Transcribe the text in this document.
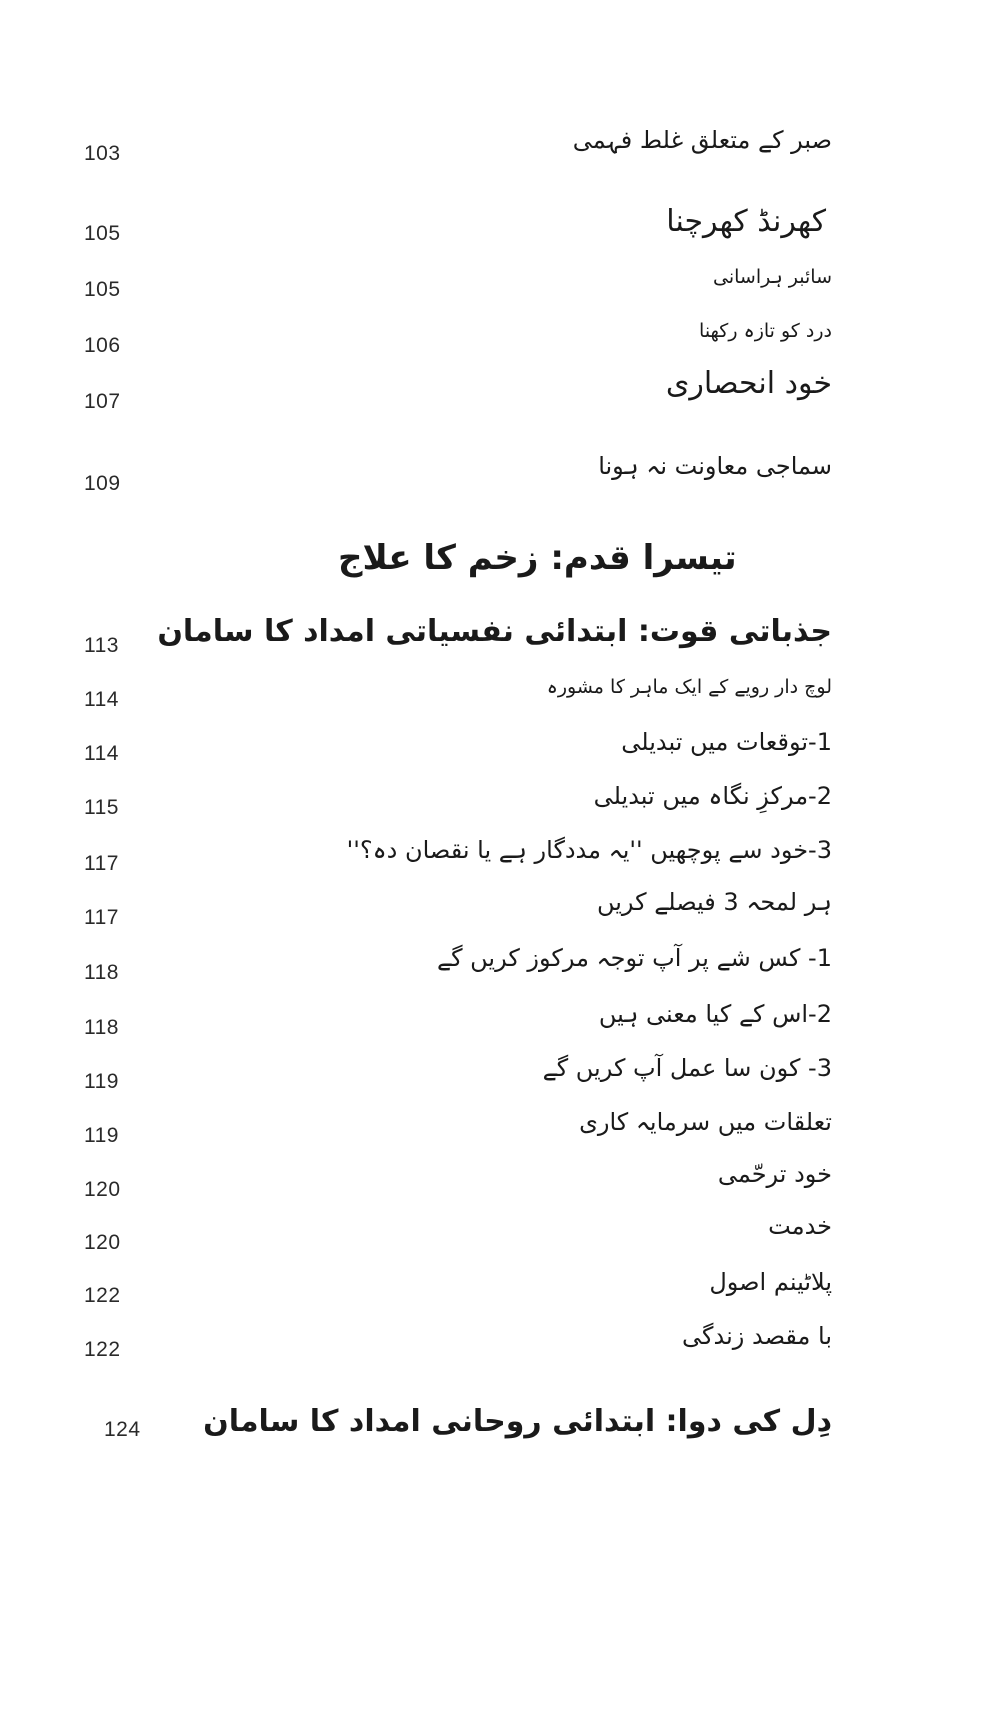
صبر کے متعلق غلط فہمی
103
کھرنڈ کھرچنا
105
سائبر ہراسانی
105
درد کو تازہ رکھنا
106
خود انحصاری
107
سماجی معاونت نہ ہونا
109
تیسرا قدم: زخم کا علاج
جذباتی قوت: ابتدائی نفسیاتی امداد کا سامان
113
لوچ دار رویے کے ایک ماہر کا مشورہ
114
1-توقعات میں تبدیلی
114
2-مرکزِ نگاہ میں تبدیلی
115
3-خود سے پوچھیں ''یہ مددگار ہے یا نقصان دہ؟''
117
ہر لمحہ 3 فیصلے کریں
117
1- کس شے پر آپ توجہ مرکوز کریں گے
118
2-اس کے کیا معنی ہیں
118
3- کون سا عمل آپ کریں گے
119
تعلقات میں سرمایہ کاری
119
خود ترحّمی
120
خدمت
120
پلاٹینم اصول
122
با مقصد زندگی
122
دِل کی دوا: ابتدائی روحانی امداد کا سامان
124
